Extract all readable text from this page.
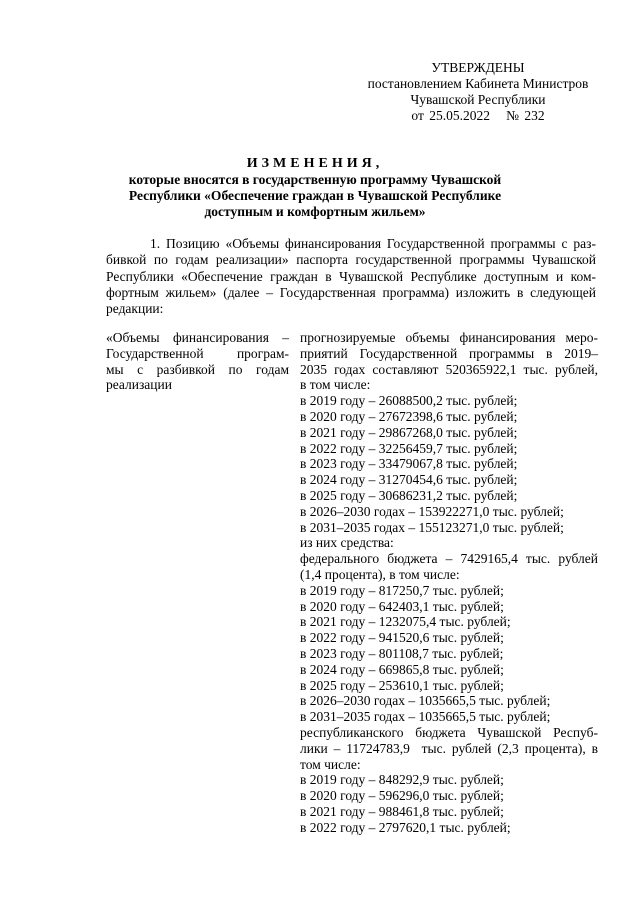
УТВЕРЖДЕНЫ
постановлением Кабинета Министров
Чувашской Республики
от 25.05.2022   № 232
ИЗМЕНЕНИЯ,
которые вносятся в государственную программу Чувашской
Республики «Обеспечение граждан в Чувашской Республике
доступным и комфортным жильем»
1. Позицию «Объемы финансирования Государственной программы с раз-
бивкой по годам реализации» паспорта государственной программы Чувашской
Республики «Обеспечение граждан в Чувашской Республике доступным и ком-
фортным жильем» (далее – Государственная программа) изложить в следующей
редакции:
«Объемы финансирования –
Государственной програм-
мы с разбивкой по годам
реализации
прогнозируемые объемы финансирования меро-
приятий Государственной программы в 2019–
2035 годах составляют 520365922,1 тыс. рублей,
в том числе:
в 2019 году – 26088500,2 тыс. рублей;
в 2020 году – 27672398,6 тыс. рублей;
в 2021 году – 29867268,0 тыс. рублей;
в 2022 году – 32256459,7 тыс. рублей;
в 2023 году – 33479067,8 тыс. рублей;
в 2024 году – 31270454,6 тыс. рублей;
в 2025 году – 30686231,2 тыс. рублей;
в 2026–2030 годах – 153922271,0 тыс. рублей;
в 2031–2035 годах – 155123271,0 тыс. рублей;
из них средства:
федерального бюджета – 7429165,4 тыс. рублей
(1,4 процента), в том числе:
в 2019 году – 817250,7 тыс. рублей;
в 2020 году – 642403,1 тыс. рублей;
в 2021 году – 1232075,4 тыс. рублей;
в 2022 году – 941520,6 тыс. рублей;
в 2023 году – 801108,7 тыс. рублей;
в 2024 году – 669865,8 тыс. рублей;
в 2025 году – 253610,1 тыс. рублей;
в 2026–2030 годах – 1035665,5 тыс. рублей;
в 2031–2035 годах – 1035665,5 тыс. рублей;
республиканского бюджета Чувашской Респуб-
лики – 11724783,9  тыс. рублей (2,3 процента), в
том числе:
в 2019 году – 848292,9 тыс. рублей;
в 2020 году – 596296,0 тыс. рублей;
в 2021 году – 988461,8 тыс. рублей;
в 2022 году – 2797620,1 тыс. рублей;
